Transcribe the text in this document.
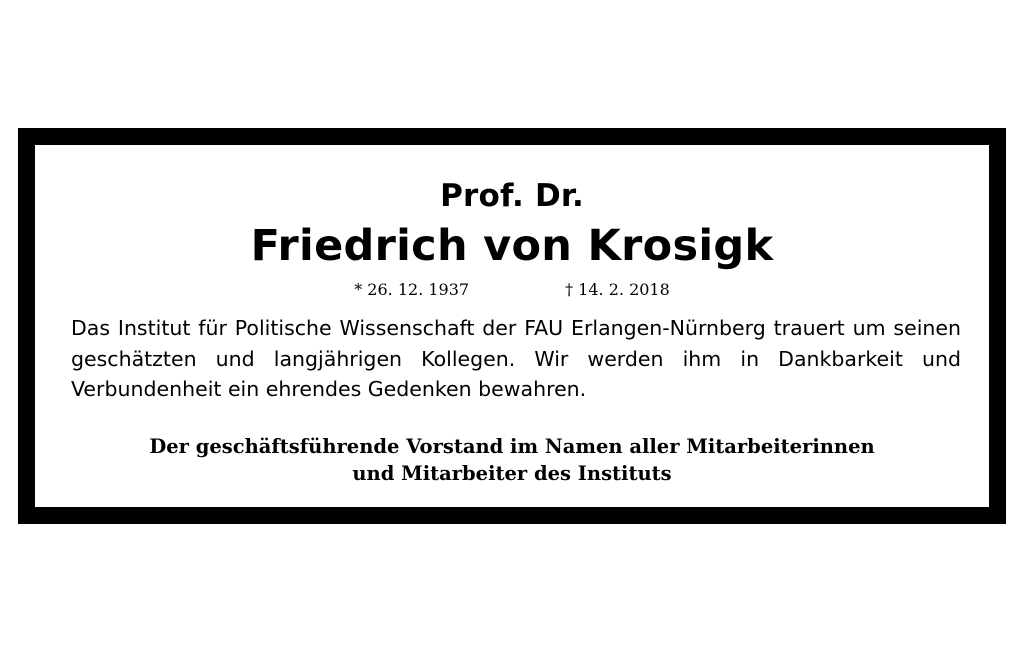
Prof. Dr.
Friedrich von Krosigk
* 26. 12. 1937	† 14. 2. 2018
Das Institut für Politische Wissenschaft der FAU Erlangen-Nürnberg trauert um seinen geschätzten und langjährigen Kollegen. Wir werden ihm in Dankbarkeit und Verbundenheit ein ehrendes Gedenken bewahren.
Der geschäftsführende Vorstand im Namen aller Mitarbeiterinnen
und Mitarbeiter des Instituts
